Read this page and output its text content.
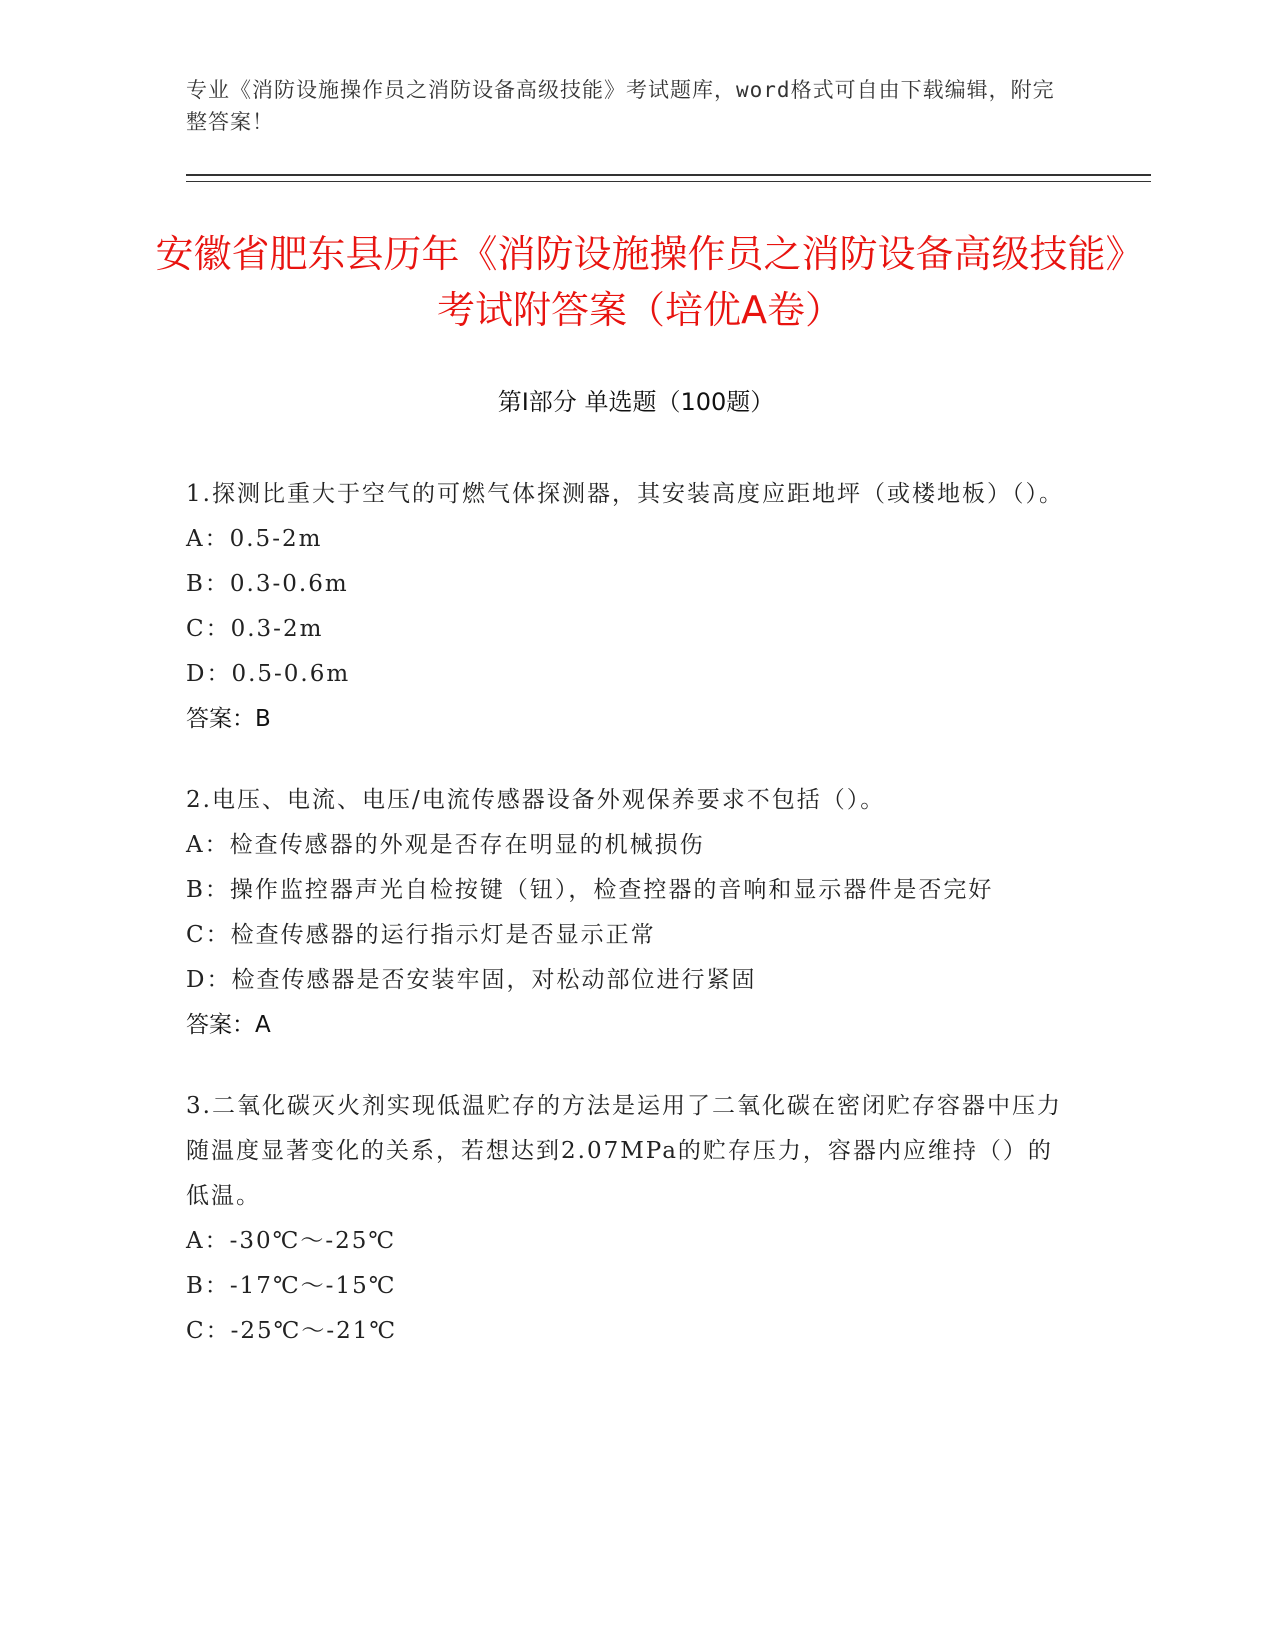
专业《消防设施操作员之消防设备高级技能》考试题库，word格式可自由下载编辑，附完整答案！
安徽省肥东县历年《消防设施操作员之消防设备高级技能》考试附答案（培优A卷）
第Ⅰ部分 单选题（100题）
1.探测比重大于空气的可燃气体探测器，其安装高度应距地坪（或楼地板）（）。
A：0.5-2m
B：0.3-0.6m
C：0.3-2m
D：0.5-0.6m
答案：B
2.电压、电流、电压/电流传感器设备外观保养要求不包括（）。
A：检查传感器的外观是否存在明显的机械损伤
B：操作监控器声光自检按键（钮），检查控器的音响和显示器件是否完好
C：检查传感器的运行指示灯是否显示正常
D：检查传感器是否安装牢固，对松动部位进行紧固
答案：A
3.二氧化碳灭火剂实现低温贮存的方法是运用了二氧化碳在密闭贮存容器中压力随温度显著变化的关系，若想达到2.07MPa的贮存压力，容器内应维持（）的低温。
A：-30℃～-25℃
B：-17℃～-15℃
C：-25℃～-21℃
